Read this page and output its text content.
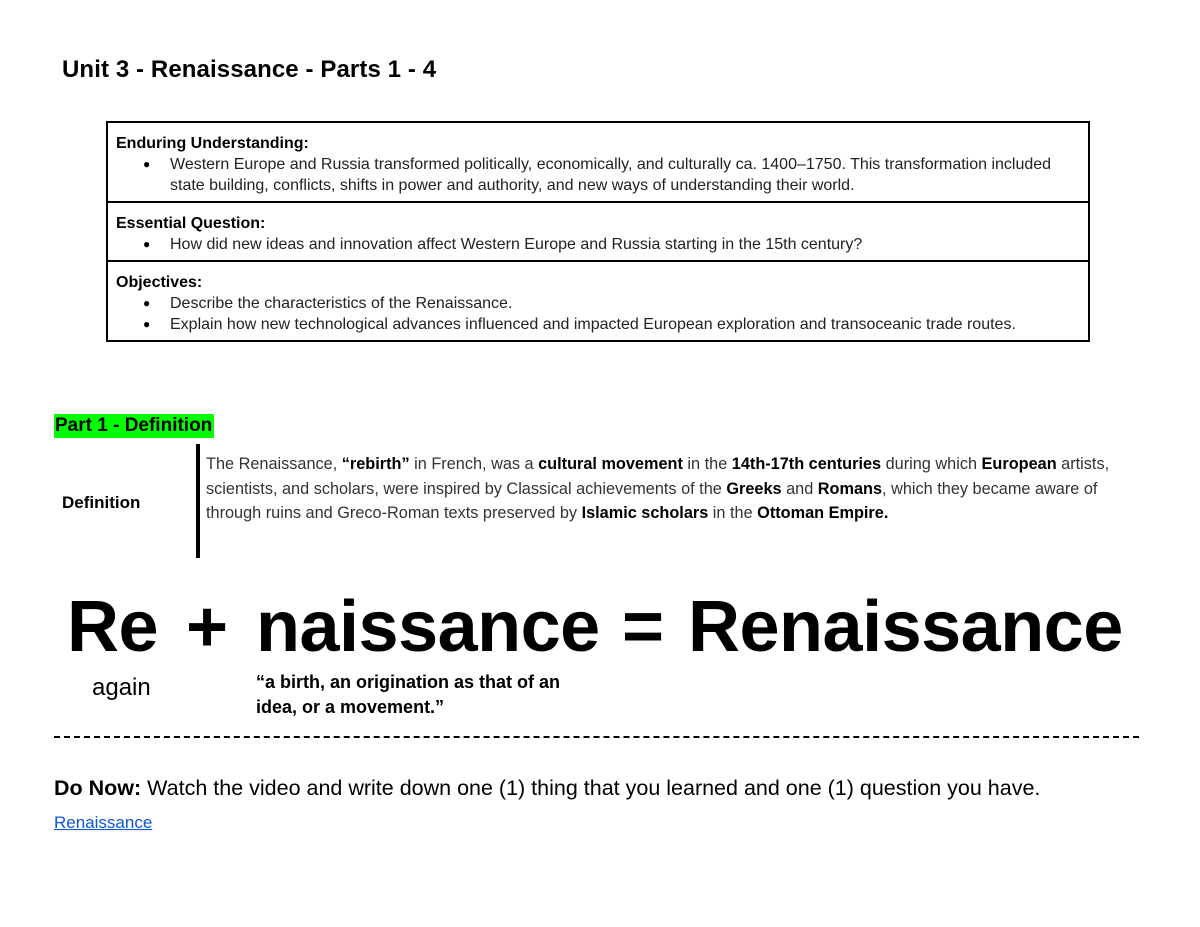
Unit 3 - Renaissance - Parts 1 - 4
Enduring Understanding:
● Western Europe and Russia transformed politically, economically, and culturally ca. 1400–1750. This transformation included state building, conflicts, shifts in power and authority, and new ways of understanding their world.

Essential Question:
● How did new ideas and innovation affect Western Europe and Russia starting in the 15th century?

Objectives:
● Describe the characteristics of the Renaissance.
● Explain how new technological advances influenced and impacted European exploration and transoceanic trade routes.
Part 1 - Definition
Definition
The Renaissance, “rebirth” in French, was a cultural movement in the 14th-17th centuries during which European artists, scientists, and scholars, were inspired by Classical achievements of the Greeks and Romans, which they became aware of through ruins and Greco-Roman texts preserved by Islamic scholars in the Ottoman Empire.
Re + naissance = Renaissance
again	“a birth, an origination as that of an
idea, or a movement.”
Do Now: Watch the video and write down one (1) thing that you learned and one (1) question you have.
Renaissance
